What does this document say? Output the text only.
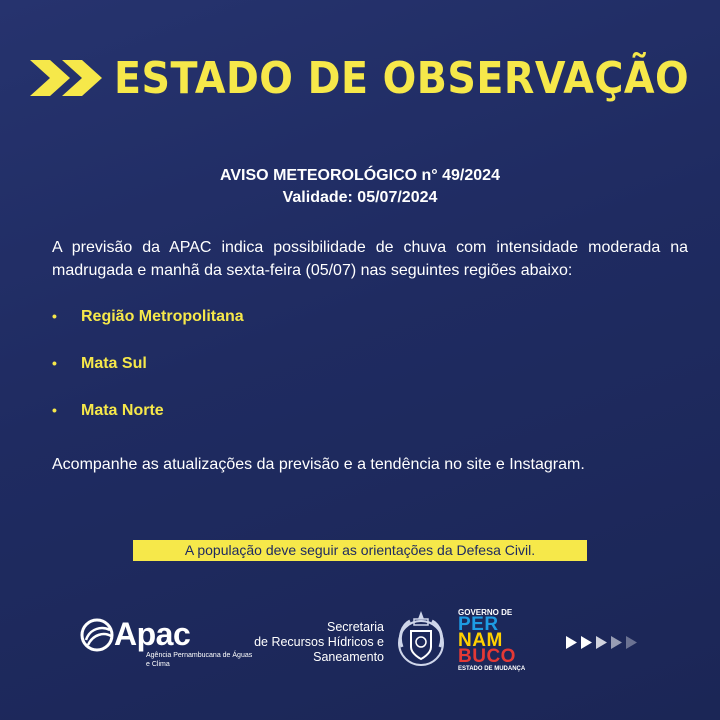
ESTADO DE OBSERVAÇÃO
AVISO METEOROLÓGICO n° 49/2024
Validade: 05/07/2024
A previsão da APAC indica possibilidade de chuva com intensidade moderada na madrugada e manhã da sexta-feira (05/07) nas seguintes regiões abaixo:
•	Região Metropolitana
•	Mata Sul
•	Mata Norte
Acompanhe as atualizações da previsão e a tendência no site e Instagram.
A população deve seguir as orientações da Defesa Civil.
Apac
Agência Pernambucana de Águas e Clima
Secretaria
de Recursos Hídricos e
Saneamento
GOVERNO DE
PER
NAM
BUCO
ESTADO DE MUDANÇA
